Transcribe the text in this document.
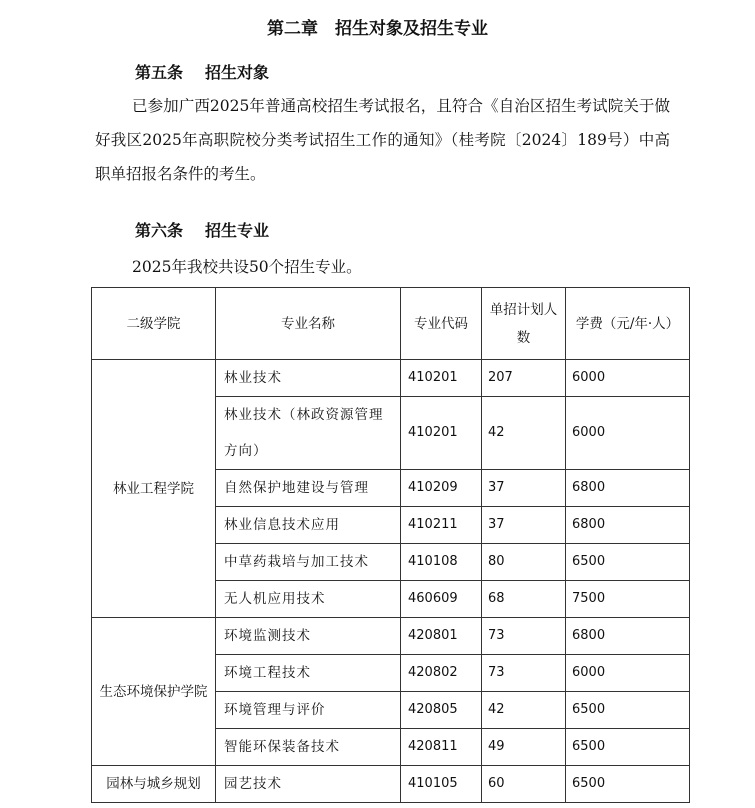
第二章　招生对象及招生专业
第五条 招生对象
已参加广西2025年普通高校招生考试报名，且符合《自治区招生考试院关于做好我区2025年高职院校分类考试招生工作的通知》（桂考院〔2024〕189号）中高职单招报名条件的考生。
第六条 招生专业
2025年我校共设50个招生专业。
二级学院	专业名称	专业代码	单招计划人数	学费（元/年·人）
林业工程学院	林业技术	410201	207	6000
	林业技术（林政资源管理方向）	410201	42	6000
	自然保护地建设与管理	410209	37	6800
	林业信息技术应用	410211	37	6800
	中草药栽培与加工技术	410108	80	6500
	无人机应用技术	460609	68	7500
生态环境保护学院	环境监测技术	420801	73	6800
	环境工程技术	420802	73	6000
	环境管理与评价	420805	42	6500
	智能环保装备技术	420811	49	6500
园林与城乡规划	园艺技术	410105	60	6500
